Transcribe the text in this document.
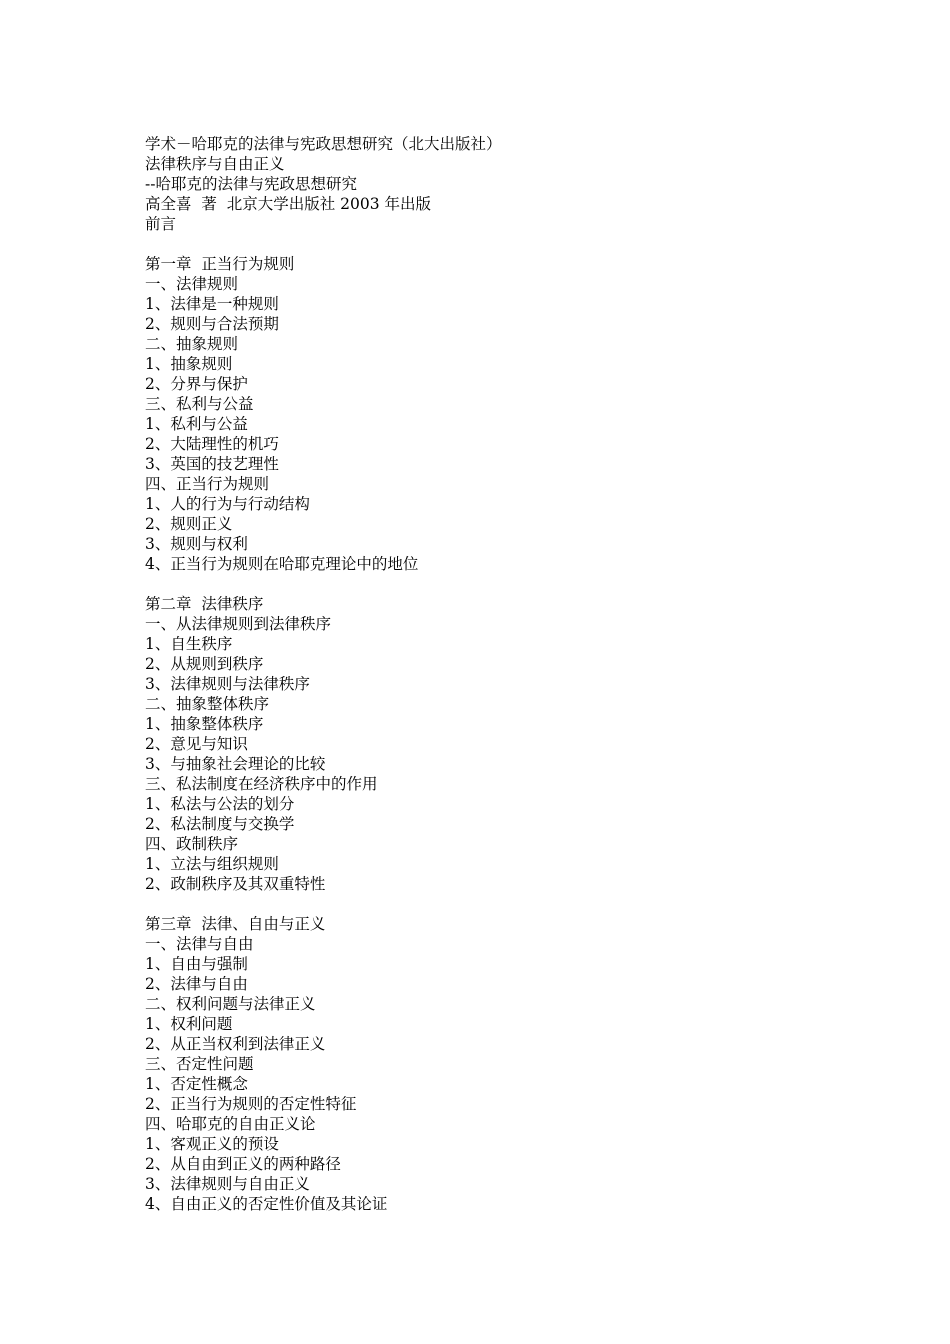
学术－哈耶克的法律与宪政思想研究（北大出版社）
法律秩序与自由正义
--哈耶克的法律与宪政思想研究
高全喜  著  北京大学出版社 2003 年出版
前言
第一章  正当行为规则
一、法律规则
1、法律是一种规则
2、规则与合法预期
二、抽象规则
1、抽象规则
2、分界与保护
三、私利与公益
1、私利与公益
2、大陆理性的机巧
3、英国的技艺理性
四、正当行为规则
1、人的行为与行动结构
2、规则正义
3、规则与权利
4、正当行为规则在哈耶克理论中的地位
第二章  法律秩序
一、从法律规则到法律秩序
1、自生秩序
2、从规则到秩序
3、法律规则与法律秩序
二、抽象整体秩序
1、抽象整体秩序
2、意见与知识
3、与抽象社会理论的比较
三、私法制度在经济秩序中的作用
1、私法与公法的划分
2、私法制度与交换学
四、政制秩序
1、立法与组织规则
2、政制秩序及其双重特性
第三章  法律、自由与正义
一、法律与自由
1、自由与强制
2、法律与自由
二、权利问题与法律正义
1、权利问题
2、从正当权利到法律正义
三、否定性问题
1、否定性概念
2、正当行为规则的否定性特征
四、哈耶克的自由正义论
1、客观正义的预设
2、从自由到正义的两种路径
3、法律规则与自由正义
4、自由正义的否定性价值及其论证
